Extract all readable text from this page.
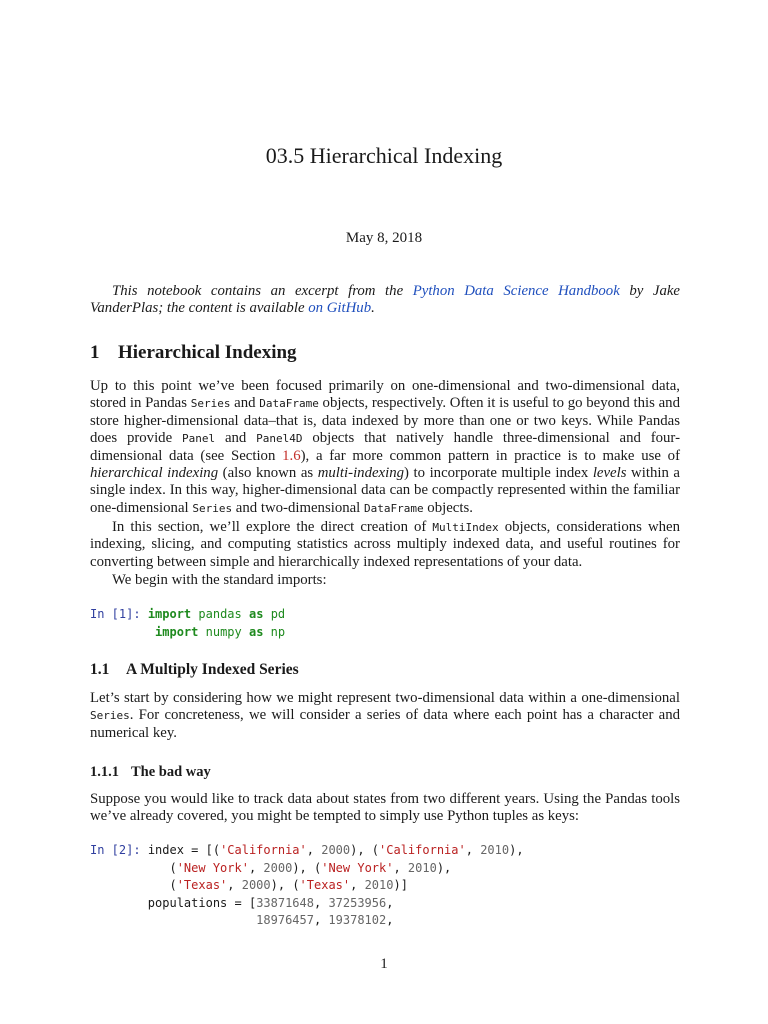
03.5 Hierarchical Indexing

May 8, 2018

This notebook contains an excerpt from the Python Data Science Handbook by Jake VanderPlas; the content is available on GitHub.

1 Hierarchical Indexing

Up to this point we’ve been focused primarily on one-dimensional and two-dimensional data, stored in Pandas Series and DataFrame objects, respectively. Often it is useful to go beyond this and store higher-dimensional data–that is, data indexed by more than one or two keys. While Pandas does provide Panel and Panel4D objects that natively handle three-dimensional and four-dimensional data (see Section 1.6), a far more common pattern in practice is to make use of hierarchical indexing (also known as multi-indexing) to incorporate multiple index levels within a single index. In this way, higher-dimensional data can be compactly represented within the familiar one-dimensional Series and two-dimensional DataFrame objects.

In this section, we’ll explore the direct creation of MultiIndex objects, considerations when indexing, slicing, and computing statistics across multiply indexed data, and useful routines for converting between simple and hierarchically indexed representations of your data.

We begin with the standard imports:

In [1]: import pandas as pd
import numpy as np
1.1 A Multiply Indexed Series

Let’s start by considering how we might represent two-dimensional data within a one-dimensional Series. For concreteness, we will consider a series of data where each point has a character and numerical key.

1.1.1 The bad way

Suppose you would like to track data about states from two different years. Using the Pandas tools we’ve already covered, you might be tempted to simply use Python tuples as keys:

In [2]: index = [('California', 2000), ('California', 2010),
('New York', 2000), ('New York', 2010),
('Texas', 2000), ('Texas', 2010)]
populations = [33871648, 37253956,
18976457, 19378102,

1
